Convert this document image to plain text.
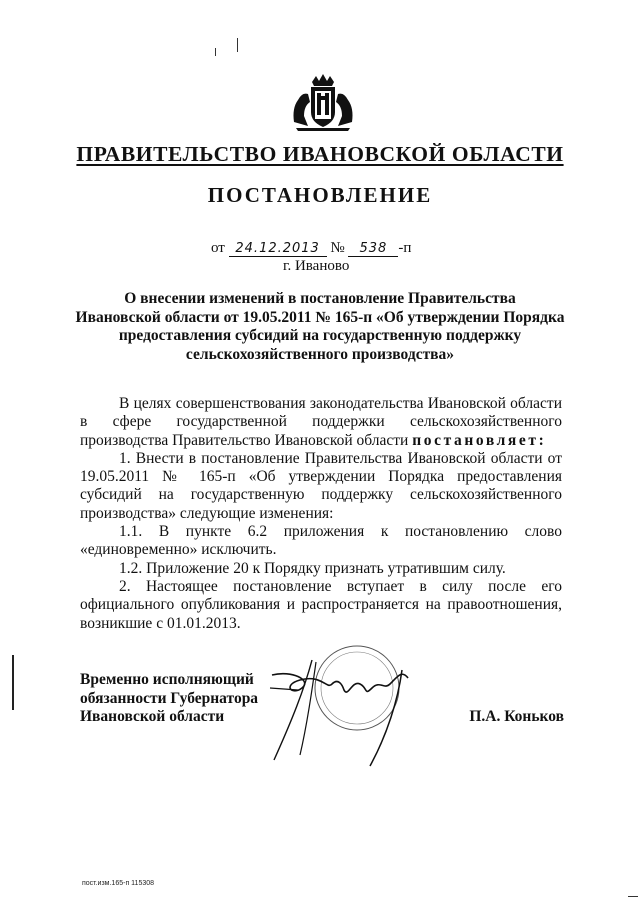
ПРАВИТЕЛЬСТВО ИВАНОВСКОЙ ОБЛАСТИ
ПОСТАНОВЛЕНИЕ
от 24.12.2013 № 538 -п
г. Иваново
О внесении изменений в постановление Правительства
Ивановской области от 19.05.2011 № 165-п «Об утверждении Порядка
предоставления субсидий на государственную поддержку
сельскохозяйственного производства»

В целях совершенствования законодательства Ивановской области в сфере государственной поддержки сельскохозяйственного производства Правительство Ивановской области постановляет:

1. Внести в постановление Правительства Ивановской области от 19.05.2011 № 165-п «Об утверждении Порядка предоставления субсидий на государственную поддержку сельскохозяйственного производства» следующие изменения:

1.1. В пункте 6.2 приложения к постановлению слово «единовременно» исключить.

1.2. Приложение 20 к Порядку признать утратившим силу.

2. Настоящее постановление вступает в силу после его официального опубликования и распространяется на правоотношения, возникшие с 01.01.2013.

Временно исполняющий
обязанности Губернатора
Ивановской области	П.А. Коньков
пост.изм.165-п 115308
